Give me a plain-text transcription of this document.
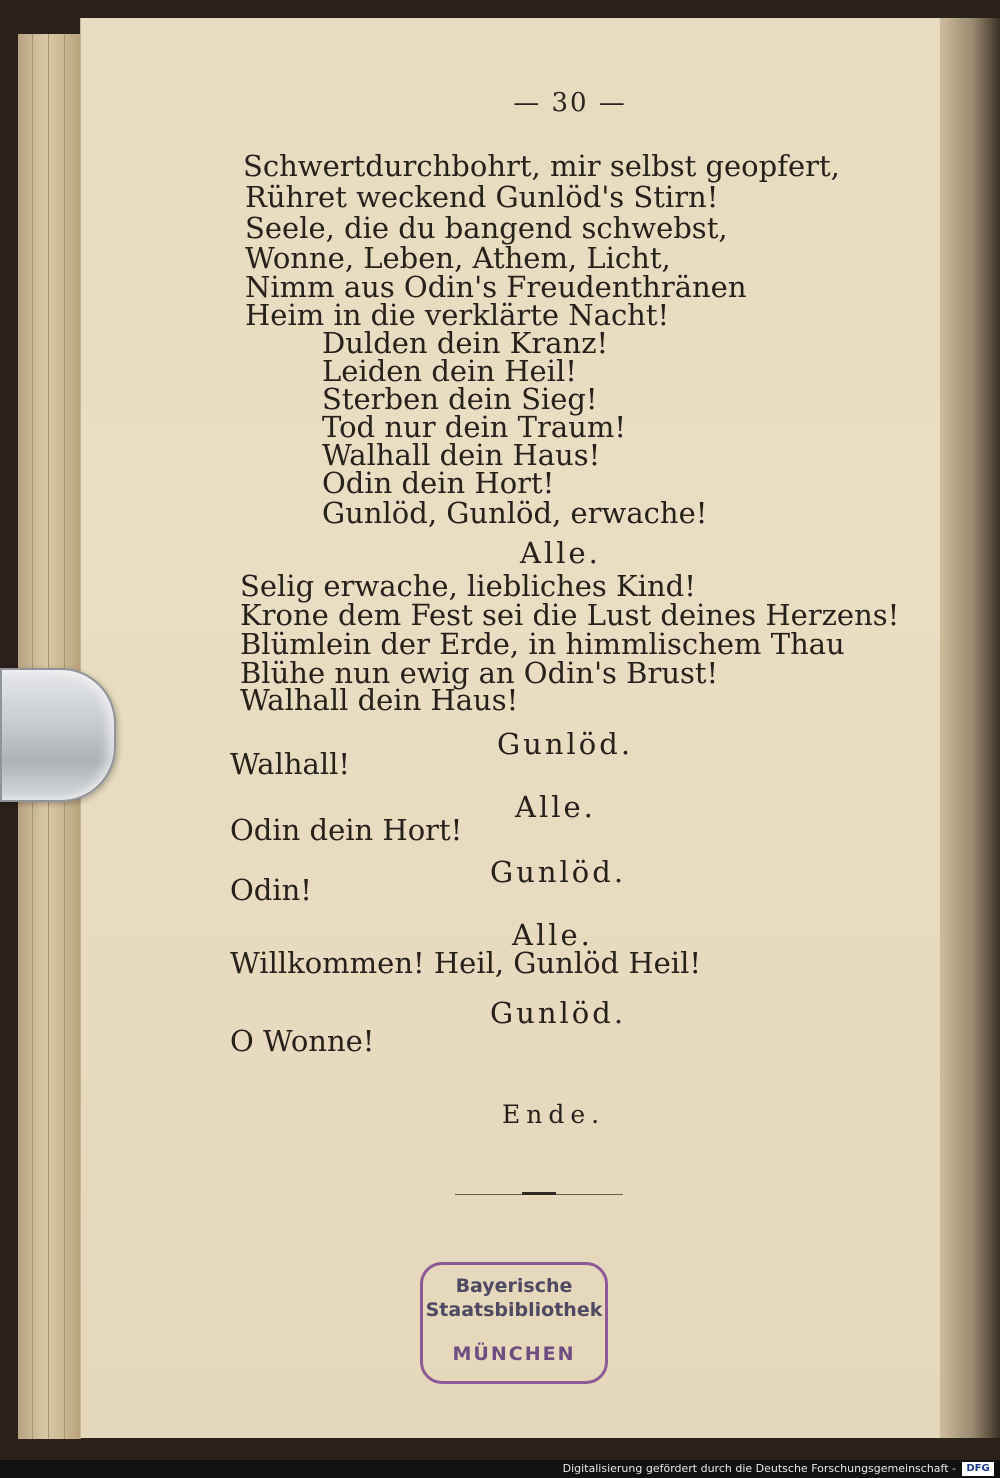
— 30 —

Schwertdurchbohrt, mir selbst geopfert,

Rühret weckend Gunlöd's Stirn!

Seele, die du bangend schwebst,

Wonne, Leben, Athem, Licht,

Nimm aus Odin's Freudenthränen

Heim in die verklärte Nacht!

Dulden dein Kranz!

Leiden dein Heil!

Sterben dein Sieg!

Tod nur dein Traum!

Walhall dein Haus!

Odin dein Hort!

Gunlöd, Gunlöd, erwache!

Alle.

Selig erwache, liebliches Kind!

Krone dem Fest sei die Lust deines Herzens!

Blümlein der Erde, in himmlischem Thau

Blühe nun ewig an Odin's Brust!

Walhall dein Haus!

Gunlöd.

Walhall!

Alle.

Odin dein Hort!

Gunlöd.

Odin!

Alle.

Willkommen! Heil, Gunlöd Heil!

Gunlöd.

O Wonne!

Ende.

Bayerische
Staatsbibliothek
MÜNCHEN
Digitalisierung gefördert durch die Deutsche Forschungsgemeinschaft -	DFG
